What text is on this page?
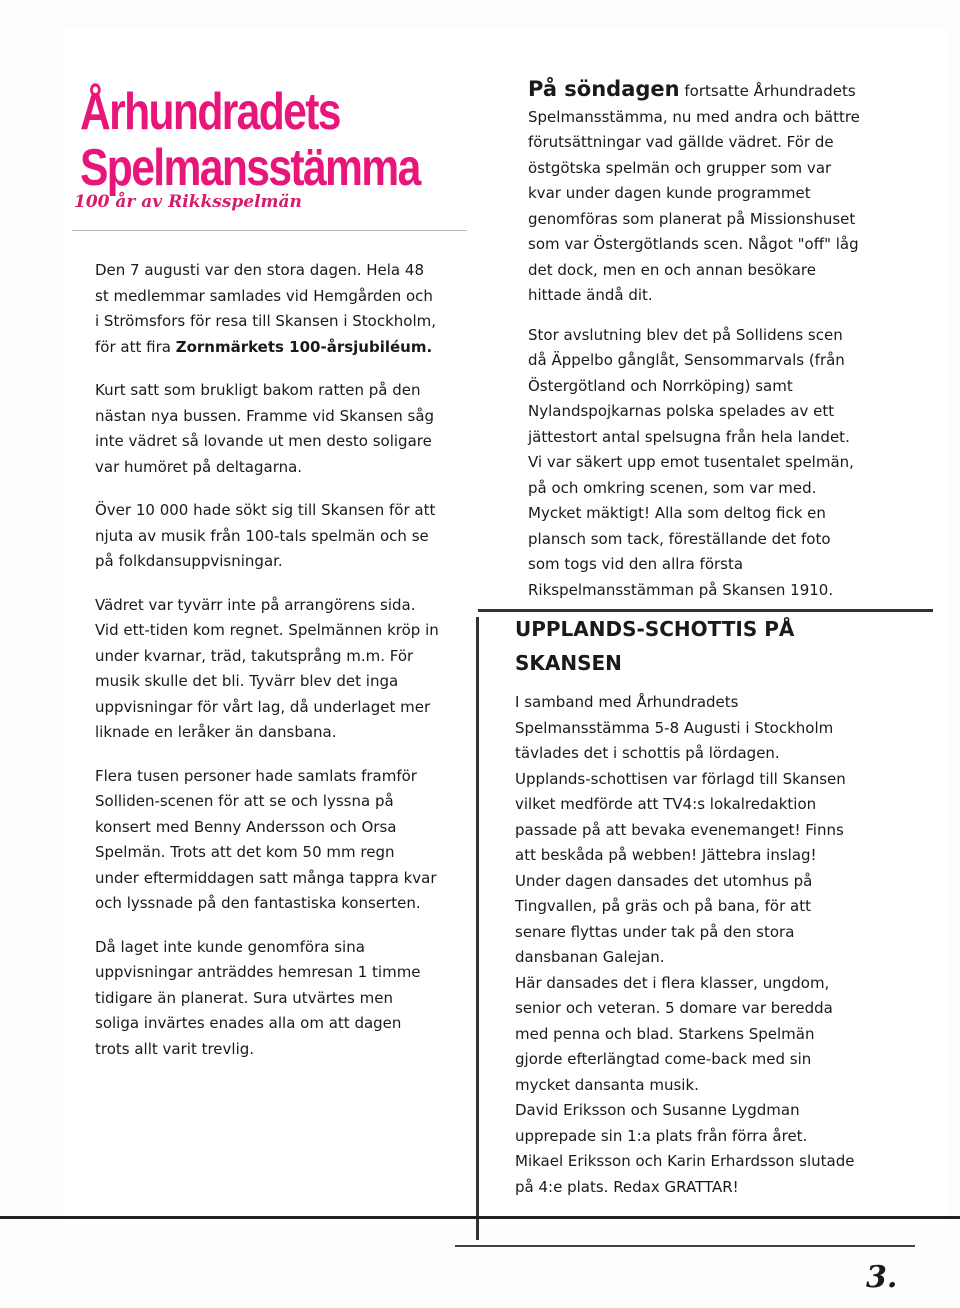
Århundradets
Spelmansstämma
100 år av Rikksspelmän

Den 7 augusti var den stora dagen. Hela 48 st medlemmar samlades vid Hemgården och i Strömsfors för resa till Skansen i Stockholm, för att fira Zornmärkets 100-årsjubiléum.

Kurt satt som brukligt bakom ratten på den nästan nya bussen. Framme vid Skansen såg inte vädret så lovande ut men desto soligare var humöret på deltagarna.

Över 10 000 hade sökt sig till Skansen för att njuta av musik från 100-tals spelmän och se på folkdansuppvisningar.

Vädret var tyvärr inte på arrangörens sida. Vid ett-tiden kom regnet. Spelmännen kröp in under kvarnar, träd, takutsprång m.m. För musik skulle det bli. Tyvärr blev det inga uppvisningar för vårt lag, då underlaget mer liknade en leråker än dansbana.

Flera tusen personer hade samlats framför Solliden-scenen för att se och lyssna på konsert med Benny Andersson och Orsa Spelmän. Trots att det kom 50 mm regn under eftermiddagen satt många tappra kvar och lyssnade på den fantastiska konserten.

Då laget inte kunde genomföra sina uppvisningar anträddes hemresan 1 timme tidigare än planerat. Sura utvärtes men soliga invärtes enades alla om att dagen trots allt varit trevlig.

På söndagen fortsatte Århundradets Spelmansstämma, nu med andra och bättre förutsättningar vad gällde vädret. För de östgötska spelmän och grupper som var kvar under dagen kunde programmet genomföras som planerat på Missionshuset som var Östergötlands scen. Något "off" låg det dock, men en och annan besökare hittade ändå dit.

Stor avslutning blev det på Sollidens scen då Äppelbo gånglåt, Sensommarvals (från Östergötland och Norrköping) samt Nylandspojkarnas polska spelades av ett jättestort antal spelsugna från hela landet. Vi var säkert upp emot tusentalet spelmän, på och omkring scenen, som var med. Mycket mäktigt! Alla som deltog fick en plansch som tack, föreställande det foto som togs vid den allra första Rikspelmansstämman på Skansen 1910.

UPPLANDS-SCHOTTIS PÅ
SKANSEN

I samband med Århundradets Spelmansstämma 5-8 Augusti i Stockholm tävlades det i schottis på lördagen.

Upplands-schottisen var förlagd till Skansen vilket medförde att TV4:s lokalredaktion passade på att bevaka evenemanget! Finns att beskåda på webben! Jättebra inslag!

Under dagen dansades det utomhus på Tingvallen, på gräs och på bana, för att senare flyttas under tak på den stora dansbanan Galejan.

Här dansades det i flera klasser, ungdom, senior och veteran. 5 domare var beredda med penna och blad. Starkens Spelmän gjorde efterlängtad come-back med sin mycket dansanta musik.

David Eriksson och Susanne Lygdman upprepade sin 1:a plats från förra året. Mikael Eriksson och Karin Erhardsson slutade på 4:e plats. Redax GRATTAR!

3.
